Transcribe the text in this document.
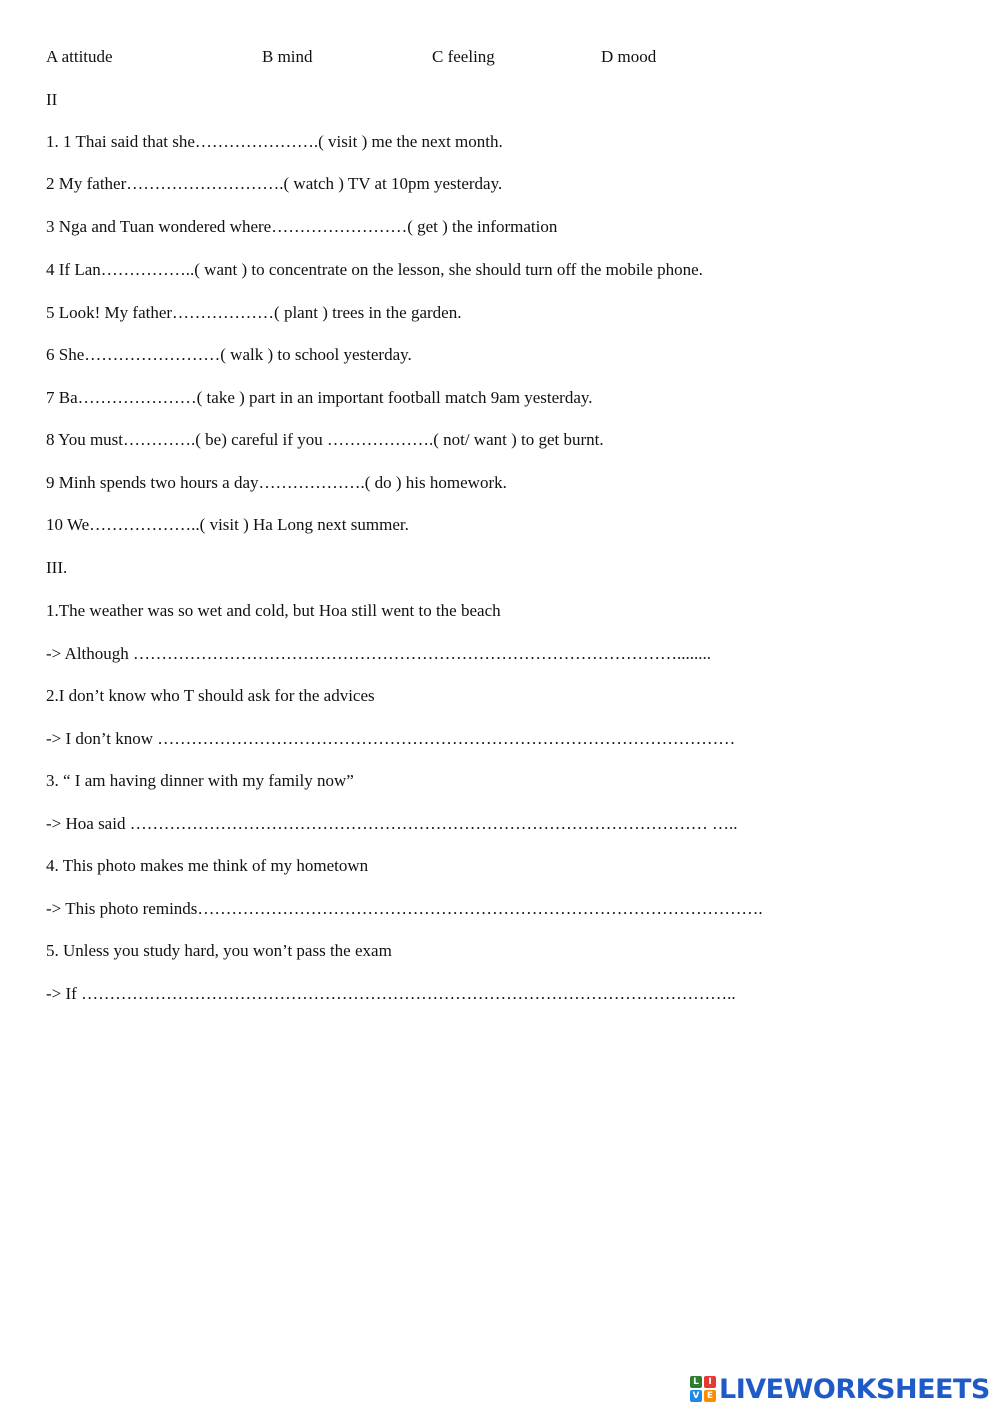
A attitude	B mind	C feeling	D mood
II
1. 1 Thai said that she………………….( visit ) me the next month.
2 My father……………………….( watch ) TV at 10pm yesterday.
3 Nga and Tuan wondered where……………………( get ) the information
4 If Lan……………..( want ) to concentrate on the lesson, she should turn off the mobile phone.
5 Look! My father………………( plant ) trees in the garden.
6 She……………………( walk ) to school yesterday.
7 Ba…………………( take ) part in an important football match 9am yesterday.
8 You must………….( be) careful if you ……………….( not/ want ) to get burnt.
9 Minh spends two hours a day……………….( do ) his homework.
10 We………………..( visit ) Ha Long next summer.
III.
1.The weather was so wet and cold, but Hoa still went to the beach
-> Although ……………………………………………………………………………………........
2.I don’t know who T should ask for the advices
-> I don’t know …………………………………………………………………………………………
3. “ I am having dinner with my family now”
-> Hoa said ………………………………………………………………………………………… …..
4. This photo makes me think of my hometown
-> This photo reminds……………………………………………………………………………………….
5. Unless you study hard, you won’t pass the exam
-> If ……………………………………………………………………………………………………..
L	I
V E LIVEWORKSHEETS
